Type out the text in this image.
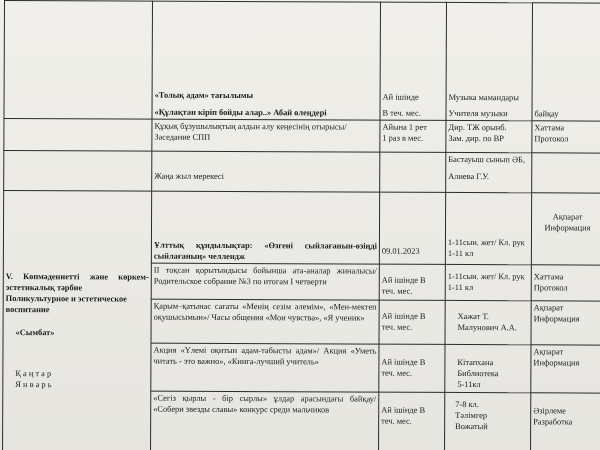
	«Толық адам» тағылымы
«Құлақтан кіріп бойды алар..» Абай өлеңдері	Ай ішінде
В теч. мес.	Музыка мамандары
Учителя музыки	байқау

	Құқық бұзушылықтың алдын алу кеңесінің отырысы/ Заседание СПП	Айына 1 рет
1 раз в мес.	Дир. ТЖ орынб.
Зам. дир. по ВР	Хаттама
Протокол

	Жаңа жыл мерекесі		Бастауыш сынып ӘБ,
Алиева Г.У.	

V. Көпмәдениетті және көркем-эстетикалық тәрбие
Поликультурное и эстетическое воспитание
«Сымбат»
Қ а ң т а р
Я н в а р ь	Ұлттық құндылықтар: «Өзгені сыйлағанын-өзіңді сыйлағаның» челлендж	09.01.2023	1-11сын. жет/ Кл. рук 1-11 кл	Ақпарат
Информация

	II тоқсан қорытындысы бойынша ата-аналар жиналысы/ Родительское собрание №3 по итогам I четверти	Ай ішінде В
теч. мес.	1-11сын. жет/ Кл. рук 1-11 кл	Хаттама
Протокол

	Қарым–қатынас сағаты «Менің сезім әлемім», «Мен-мектеп оқушысымын»/ Часы общения «Мои чувства», «Я ученик»	Ай ішінде В
теч. мес.	Хажат Т.
Малунович А.А.	Ақпарат
Информация

	Акция «Үлемі оқитын адам-табысты адам»/ Акция «Уметь читать - это важно», «Книга-лучший учитель»	Ай ішінде В
теч. мес.	Кітапхана
Библиотека
5-11кл	Ақпарат
Информация

	«Сегіз қырлы - бір сырлы» ұлдар арасындағы байқау/ «Собери звезды славы» конкурс среди мальчиков	Ай ішінде В
теч. мес.	7-8 кл.
Тәлімгер
Вожатый	Әзірлеме
Разработка
